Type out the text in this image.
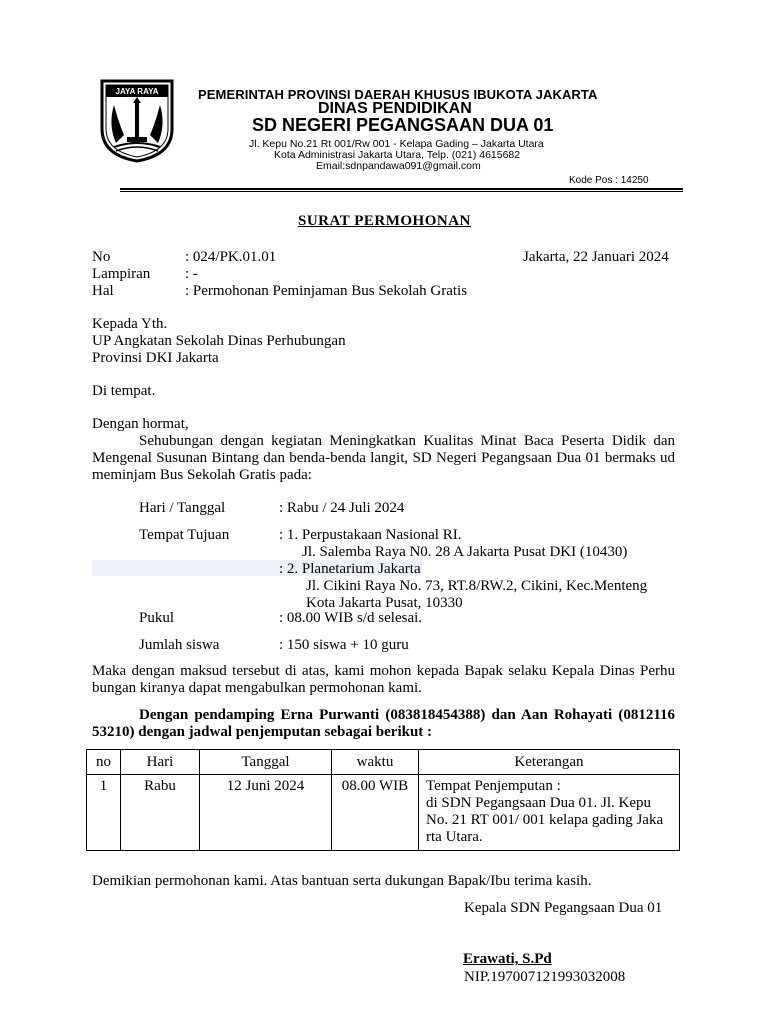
JAYA RAYA	PEMERINTAH PROVINSI DAERAH KHUSUS IBUKOTA JAKARTA
DINAS PENDIDIKAN
SD NEGERI PEGANGSAAN DUA 01
Jl. Kepu No.21 Rt 001/Rw 001 - Kelapa Gading – Jakarta Utara
Kota Administrasi Jakarta Utara, Telp. (021) 4615682
Email:sdnpandawa091@gmail.com
Kode Pos : 14250
SURAT PERMOHONAN
No	: 024/PK.01.01
Lampiran : -
Hal	: Permohonan Peminjaman Bus Sekolah Gratis
Jakarta, 22 Januari 2024
Kepada Yth.
UP Angkatan Sekolah Dinas Perhubungan
Provinsi DKI Jakarta
Di tempat.
Dengan hormat,
Sehubungan dengan kegiatan Meningkatkan Kualitas Minat Baca Peserta Didik dan Mengenal Susunan Bintang dan benda-benda langit, SD Negeri Pegangsaan Dua 01 bermaks ud meminjam Bus Sekolah Gratis pada:
Hari / Tanggal	: Rabu / 24 Juli 2024
Tempat Tujuan	: 1. Perpustakaan Nasional RI.
Jl. Salemba Raya N0. 28 A Jakarta Pusat DKI (10430)
: 2. Planetarium Jakarta
Jl. Cikini Raya No. 73, RT.8/RW.2, Cikini, Kec.Menteng
Kota Jakarta Pusat, 10330
Pukul	: 08.00 WIB s/d selesai.
Jumlah siswa	: 150 siswa + 10 guru
Maka dengan maksud tersebut di atas, kami mohon kepada Bapak selaku Kepala Dinas Perhu bungan kiranya dapat mengabulkan permohonan kami.
Dengan pendamping Erna Purwanti (083818454388) dan Aan Rohayati (0812116 53210) dengan jadwal penjemputan sebagai berikut :
no	Hari	Tanggal	waktu	Keterangan
1	Rabu	12 Juni 2024	08.00 WIB	Tempat Penjemputan :
di SDN Pegangsaan Dua 01. Jl. Kepu No. 21 RT 001/ 001 kelapa gading Jaka rta Utara.
Demikian permohonan kami. Atas bantuan serta dukungan Bapak/Ibu terima kasih.
Kepala SDN Pegangsaan Dua 01
Erawati, S.Pd
NIP.197007121993032008
